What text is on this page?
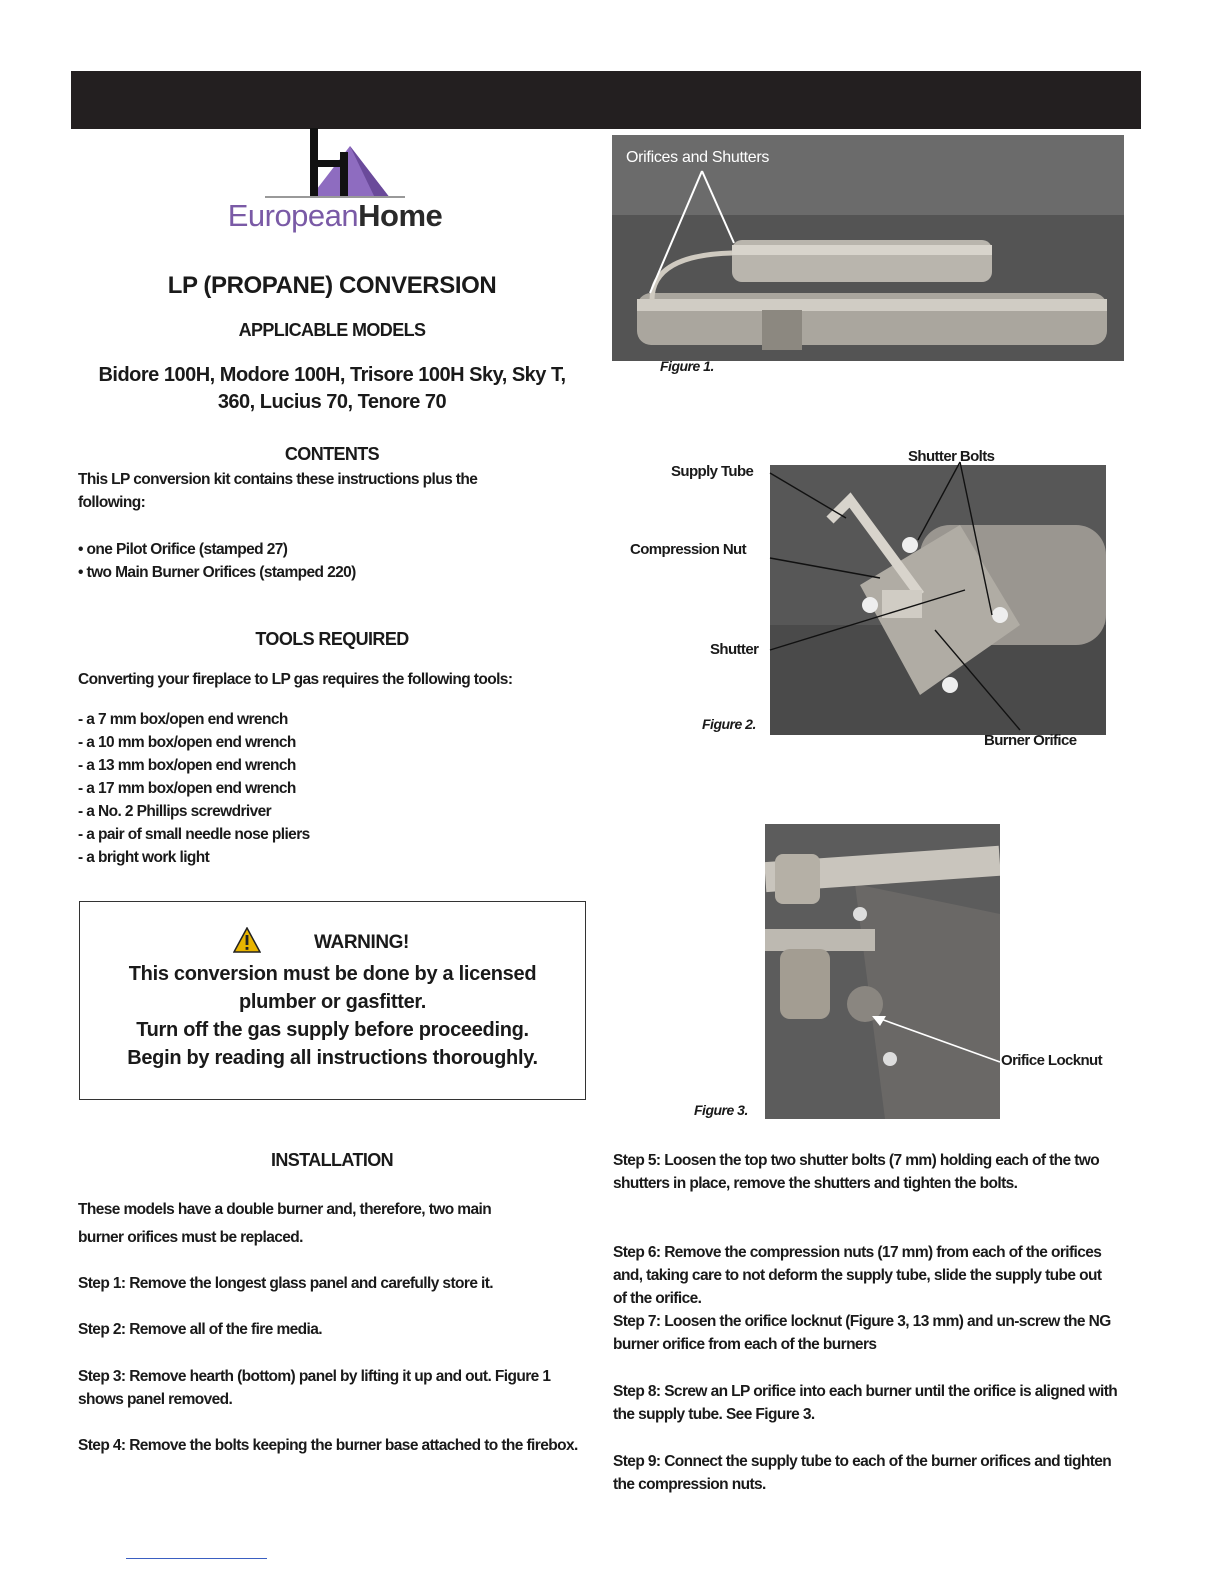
EuropeanHome
LP (PROPANE) CONVERSION
APPLICABLE MODELS
Bidore 100H, Modore 100H, Trisore 100H Sky, Sky T,
360, Lucius 70, Tenore 70
CONTENTS
This LP conversion kit contains these instructions plus the
following:
• one Pilot Orifice (stamped 27)
• two Main Burner Orifices (stamped 220)
TOOLS REQUIRED
Converting your fireplace to LP gas requires the following tools:
- a 7 mm box/open end wrench
- a 10 mm box/open end wrench
- a 13 mm box/open end wrench
- a 17 mm box/open end wrench
- a No. 2 Phillips screwdriver
- a pair of small needle nose pliers
- a bright work light
WARNING!
This conversion must be done by a licensed
plumber or gasfitter.
Turn off the gas supply before proceeding.
Begin by reading all instructions thoroughly.
INSTALLATION
These models have a double burner and, therefore, two main
burner orifices must be replaced.

Step 1: Remove the longest glass panel and carefully store it.

Step 2: Remove all of the fire media.

Step 3: Remove hearth (bottom) panel by lifting it up and out. Figure 1 shows panel removed.

Step 4: Remove the bolts keeping the burner base attached to the firebox.

Step 5: Loosen the top two shutter bolts (7 mm) holding each of the two shutters in place, remove the shutters and tighten the bolts.

Step 6: Remove the compression nuts (17 mm) from each of the orifices and, taking care to not deform the supply tube, slide the supply tube out of the orifice.

Step 7: Loosen the orifice locknut (Figure 3, 13 mm) and un-screw the NG burner orifice from each of the burners

Step 8: Screw an LP orifice into each burner until the orifice is aligned with the supply tube. See Figure 3.

Step 9: Connect the supply tube to each of the burner orifices and tighten the compression nuts.

Orifices and Shutters
Figure 1.
Supply Tube
Shutter Bolts
Compression Nut
Shutter
Burner Orifice
Figure 2.
Orifice Locknut
Figure 3.
